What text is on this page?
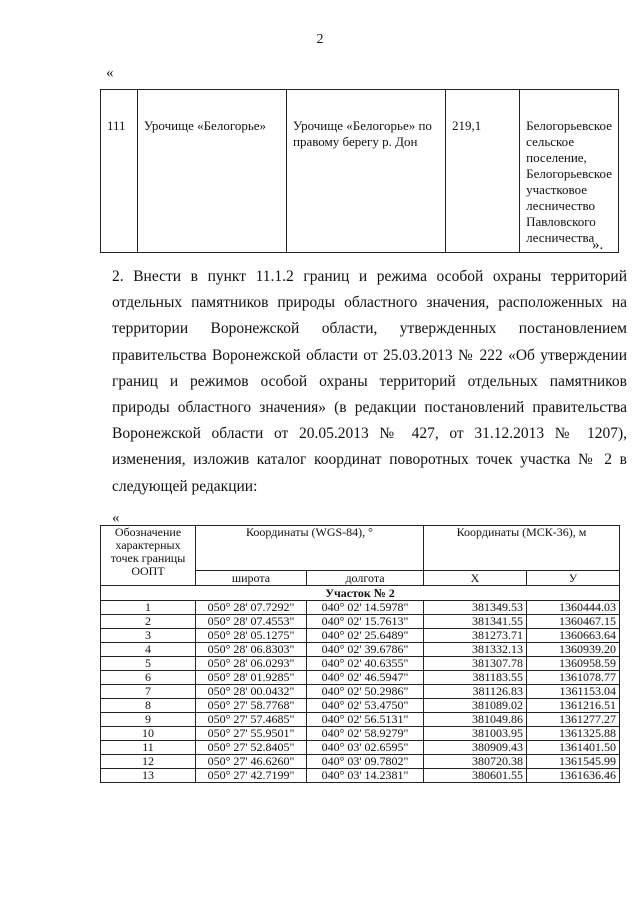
2
«
111	Урочище «Белогорье»	Урочище «Белогорье» по правому берегу р. Дон	219,1	Белогорьевское сельское поселение, Белогорьевское участковое лесничество Павловского лесничества
».
2. Внести в пункт 11.1.2 границ и режима особой охраны территорий отдельных памятников природы областного значения, расположенных на территории Воронежской области, утвержденных постановлением правительства Воронежской области от 25.03.2013 № 222 «Об утверждении границ и режимов особой охраны территорий отдельных памятников природы областного значения» (в редакции постановлений правительства Воронежской области от 20.05.2013 № 427, от 31.12.2013 № 1207), изменения, изложив каталог координат поворотных точек участка № 2 в следующей редакции:
«
Обозначение характерных точек границы ООПТ	Координаты (WGS-84), °		Координаты (МСК-36), м	
	широта	долгота	Х	У
Участок № 2				
1	050° 28' 07.7292"	040° 02' 14.5978"	381349.53	1360444.03
2	050° 28' 07.4553"	040° 02' 15.7613"	381341.55	1360467.15
3	050° 28' 05.1275"	040° 02' 25.6489"	381273.71	1360663.64
4	050° 28' 06.8303"	040° 02' 39.6786"	381332.13	1360939.20
5	050° 28' 06.0293"	040° 02' 40.6355"	381307.78	1360958.59
6	050° 28' 01.9285"	040° 02' 46.5947"	381183.55	1361078.77
7	050° 28' 00.0432"	040° 02' 50.2986"	381126.83	1361153.04
8	050° 27' 58.7768"	040° 02' 53.4750"	381089.02	1361216.51
9	050° 27' 57.4685"	040° 02' 56.5131"	381049.86	1361277.27
10	050° 27' 55.9501"	040° 02' 58.9279"	381003.95	1361325.88
11	050° 27' 52.8405"	040° 03' 02.6595"	380909.43	1361401.50
12	050° 27' 46.6260"	040° 03' 09.7802"	380720.38	1361545.99
13	050° 27' 42.7199"	040° 03' 14.2381"	380601.55	1361636.46
